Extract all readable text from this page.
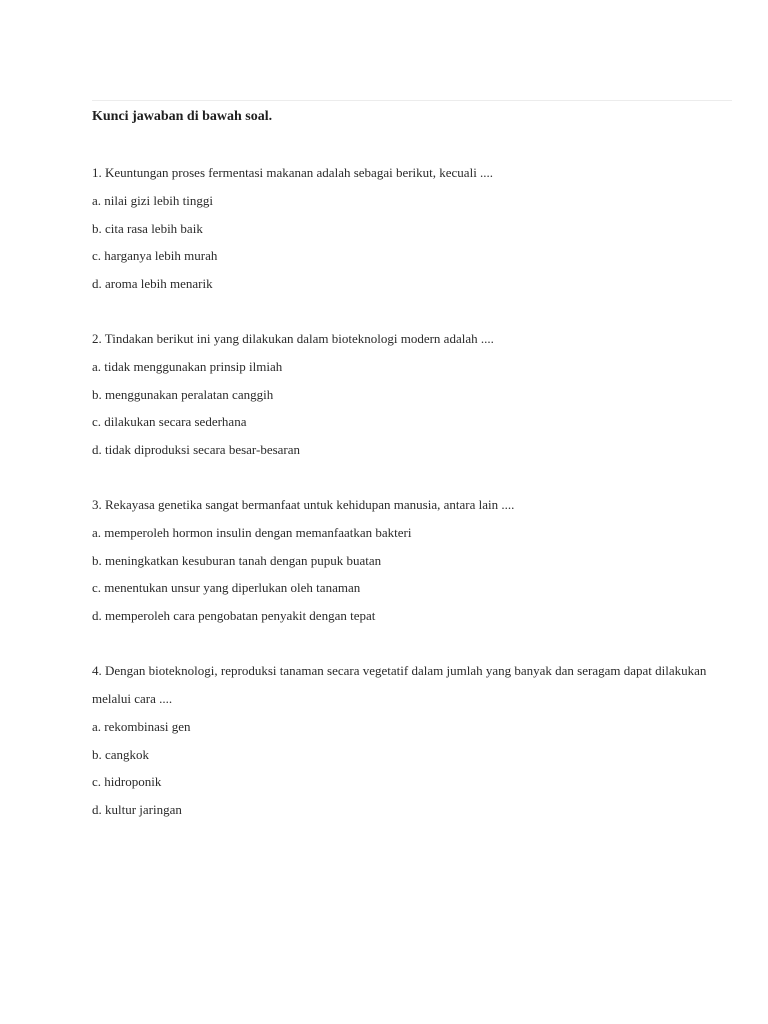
Kunci jawaban di bawah soal.
1. Keuntungan proses fermentasi makanan adalah sebagai berikut, kecuali ....
a. nilai gizi lebih tinggi
b. cita rasa lebih baik
c. harganya lebih murah
d. aroma lebih menarik
2. Tindakan berikut ini yang dilakukan dalam bioteknologi modern adalah ....
a. tidak menggunakan prinsip ilmiah
b. menggunakan peralatan canggih
c. dilakukan secara sederhana
d. tidak diproduksi secara besar-besaran
3. Rekayasa genetika sangat bermanfaat untuk kehidupan manusia, antara lain ....
a. memperoleh hormon insulin dengan memanfaatkan bakteri
b. meningkatkan kesuburan tanah dengan pupuk buatan
c. menentukan unsur yang diperlukan oleh tanaman
d. memperoleh cara pengobatan penyakit dengan tepat
4. Dengan bioteknologi, reproduksi tanaman secara vegetatif dalam jumlah yang banyak dan seragam dapat dilakukan melalui cara ....
a. rekombinasi gen
b. cangkok
c. hidroponik
d. kultur jaringan
